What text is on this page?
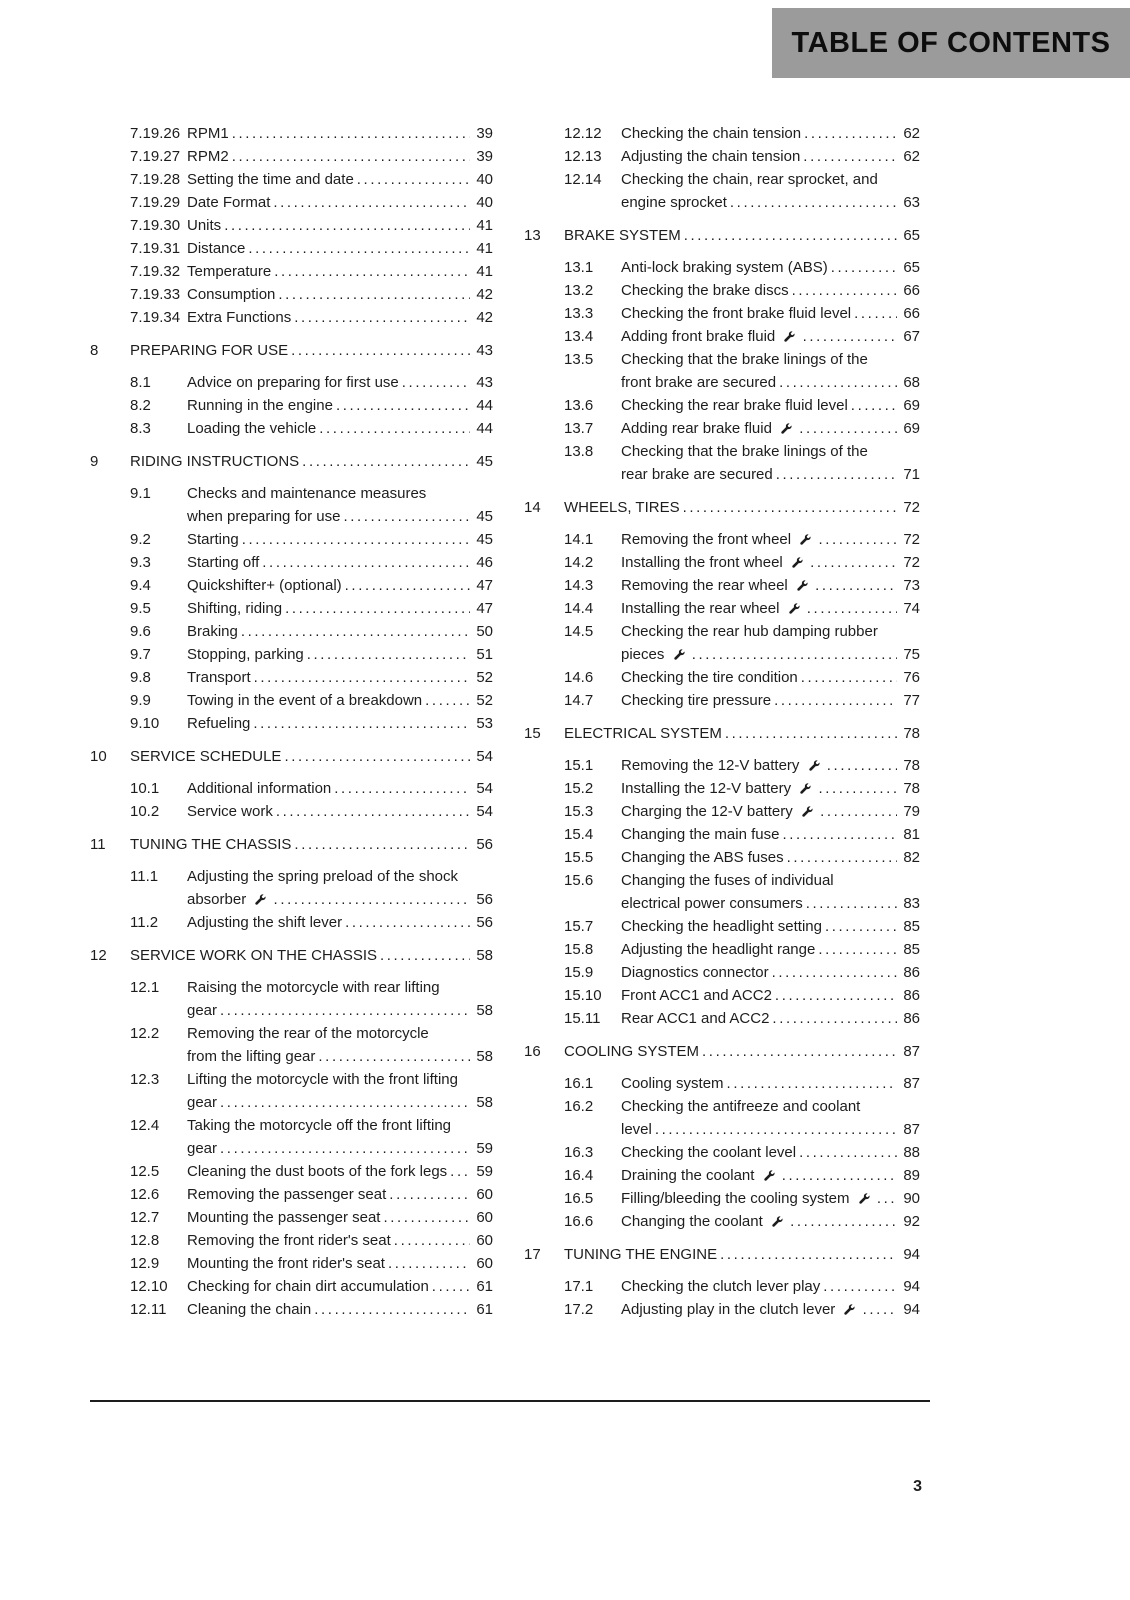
TABLE OF CONTENTS
7.19.26 RPM1 .....	39
7.19.27 RPM2 .....	39
7.19.28 Setting the time and date .....	40
7.19.29 Date Format .....	40
7.19.30 Units .....	41
7.19.31 Distance .....	41
7.19.32 Temperature .....	41
7.19.33 Consumption .....	42
7.19.34 Extra Functions .....	42
8 PREPARING FOR USE .....	43
8.1 Advice on preparing for first use .....	43
8.2 Running in the engine .....	44
8.3 Loading the vehicle .....	44
9 RIDING INSTRUCTIONS .....	45
9.1 Checks and maintenance measures when preparing for use .....	45
9.2 Starting .....	45
9.3 Starting off .....	46
9.4 Quickshifter+ (optional) .....	47
9.5 Shifting, riding .....	47
9.6 Braking .....	50
9.7 Stopping, parking .....	51
9.8 Transport .....	52
9.9 Towing in the event of a breakdown .....	52
9.10 Refueling .....	53
10 SERVICE SCHEDULE .....	54
10.1 Additional information .....	54
10.2 Service work .....	54
11 TUNING THE CHASSIS .....	56
11.1 Adjusting the spring preload of the shock absorber  .....	56
11.2 Adjusting the shift lever .....	56
12 SERVICE WORK ON THE CHASSIS .....	58
12.1 Raising the motorcycle with rear lifting gear .....	58
12.2 Removing the rear of the motorcycle from the lifting gear .....	58
12.3 Lifting the motorcycle with the front lifting gear .....	58
12.4 Taking the motorcycle off the front lifting gear .....	59
12.5 Cleaning the dust boots of the fork legs .....	59
12.6 Removing the passenger seat .....	60
12.7 Mounting the passenger seat .....	60
12.8 Removing the front rider's seat .....	60
12.9 Mounting the front rider's seat .....	60
12.10 Checking for chain dirt accumulation .....	61
12.11 Cleaning the chain .....	61
12.12 Checking the chain tension .....	62
12.13 Adjusting the chain tension .....	62
12.14 Checking the chain, rear sprocket, and engine sprocket .....	63
13 BRAKE SYSTEM .....	65
13.1 Anti-lock braking system (ABS) .....	65
13.2 Checking the brake discs .....	66
13.3 Checking the front brake fluid level .....	66
13.4 Adding front brake fluid  .....	67
13.5 Checking that the brake linings of the front brake are secured .....	68
13.6 Checking the rear brake fluid level .....	69
13.7 Adding rear brake fluid  .....	69
13.8 Checking that the brake linings of the rear brake are secured .....	71
14 WHEELS, TIRES .....	72
14.1 Removing the front wheel  .....	72
14.2 Installing the front wheel  .....	72
14.3 Removing the rear wheel  .....	73
14.4 Installing the rear wheel  .....	74
14.5 Checking the rear hub damping rubber pieces  .....	75
14.6 Checking the tire condition .....	76
14.7 Checking tire pressure .....	77
15 ELECTRICAL SYSTEM .....	78
15.1 Removing the 12-V battery  .....	78
15.2 Installing the 12-V battery  .....	78
15.3 Charging the 12-V battery  .....	79
15.4 Changing the main fuse .....	81
15.5 Changing the ABS fuses .....	82
15.6 Changing the fuses of individual electrical power consumers .....	83
15.7 Checking the headlight setting .....	85
15.8 Adjusting the headlight range .....	85
15.9 Diagnostics connector .....	86
15.10 Front ACC1 and ACC2 .....	86
15.11 Rear ACC1 and ACC2 .....	86
16 COOLING SYSTEM .....	87
16.1 Cooling system .....	87
16.2 Checking the antifreeze and coolant level .....	87
16.3 Checking the coolant level .....	88
16.4 Draining the coolant  .....	89
16.5 Filling/bleeding the cooling system  .....	90
16.6 Changing the coolant  .....	92
17 TUNING THE ENGINE .....	94
17.1 Checking the clutch lever play .....	94
17.2 Adjusting play in the clutch lever  .....	94
3
